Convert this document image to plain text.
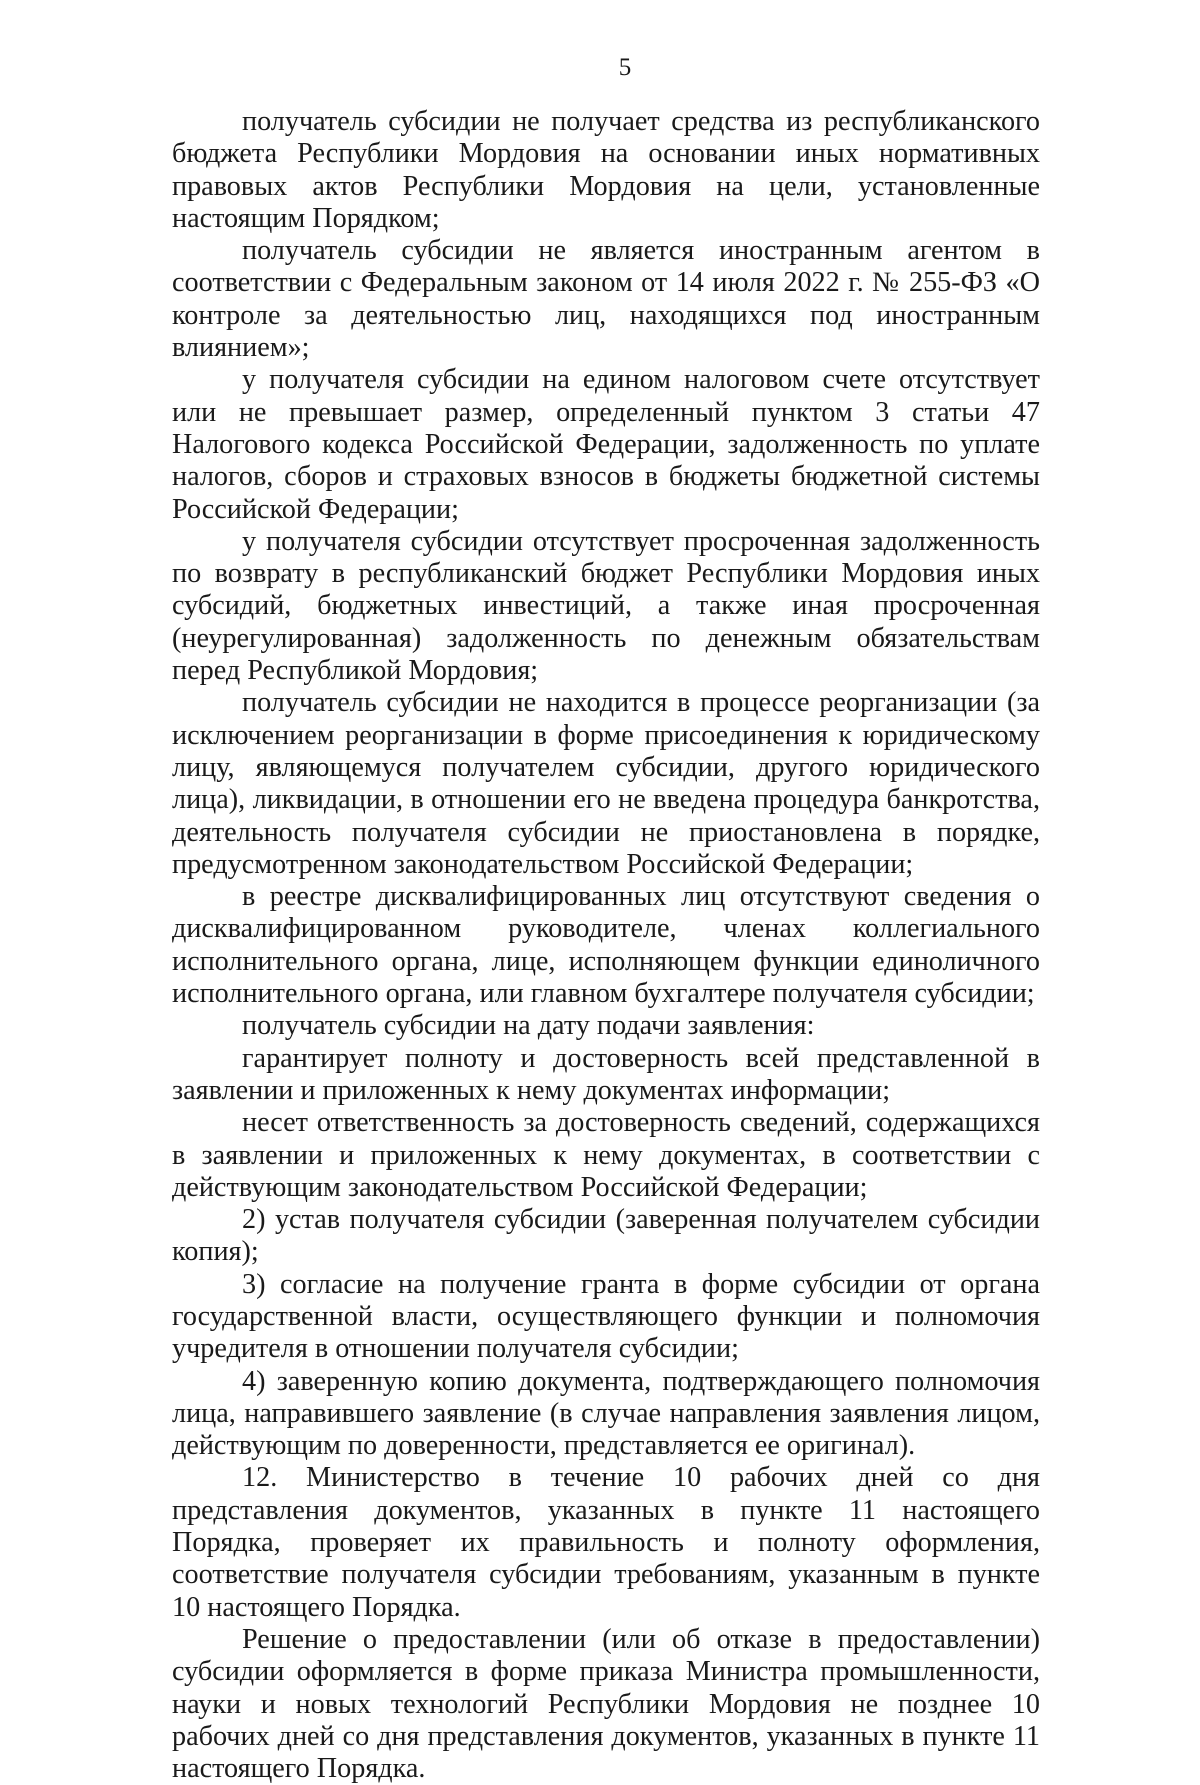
5

получатель субсидии не получает средства из республиканского бюджета Республики Мордовия на основании иных нормативных правовых актов Республики Мордовия на цели, установленные настоящим Порядком;

получатель субсидии не является иностранным агентом в соответствии с Федеральным законом от 14 июля 2022 г. № 255-ФЗ «О контроле за деятельностью лиц, находящихся под иностранным влиянием»;

у получателя субсидии на едином налоговом счете отсутствует или не превышает размер, определенный пунктом 3 статьи 47 Налогового кодекса Российской Федерации, задолженность по уплате налогов, сборов и страховых взносов в бюджеты бюджетной системы Российской Федерации;

у получателя субсидии отсутствует просроченная задолженность по возврату в республиканский бюджет Республики Мордовия иных субсидий, бюджетных инвестиций, а также иная просроченная (неурегулированная) задолженность по денежным обязательствам перед Республикой Мордовия;

получатель субсидии не находится в процессе реорганизации (за исключением реорганизации в форме присоединения к юридическому лицу, являющемуся получателем субсидии, другого юридического лица), ликвидации, в отношении его не введена процедура банкротства, деятельность получателя субсидии не приостановлена в порядке, предусмотренном законодательством Российской Федерации;

в реестре дисквалифицированных лиц отсутствуют сведения о дисквалифицированном руководителе, членах коллегиального исполнительного органа, лице, исполняющем функции единоличного исполнительного органа, или главном бухгалтере получателя субсидии;

получатель субсидии на дату подачи заявления:

гарантирует полноту и достоверность всей представленной в заявлении и приложенных к нему документах информации;

несет ответственность за достоверность сведений, содержащихся в заявлении и приложенных к нему документах, в соответствии с действующим законодательством Российской Федерации;

2) устав получателя субсидии (заверенная получателем субсидии копия);

3) согласие на получение гранта в форме субсидии от органа государственной власти, осуществляющего функции и полномочия учредителя в отношении получателя субсидии;

4) заверенную копию документа, подтверждающего полномочия лица, направившего заявление (в случае направления заявления лицом, действующим по доверенности, представляется ее оригинал).

12. Министерство в течение 10 рабочих дней со дня представления документов, указанных в пункте 11 настоящего Порядка, проверяет их правильность и полноту оформления, соответствие получателя субсидии требованиям, указанным в пункте 10 настоящего Порядка.

Решение о предоставлении (или об отказе в предоставлении) субсидии оформляется в форме приказа Министра промышленности, науки и новых технологий Республики Мордовия не позднее 10 рабочих дней со дня представления документов, указанных в пункте 11 настоящего Порядка.
